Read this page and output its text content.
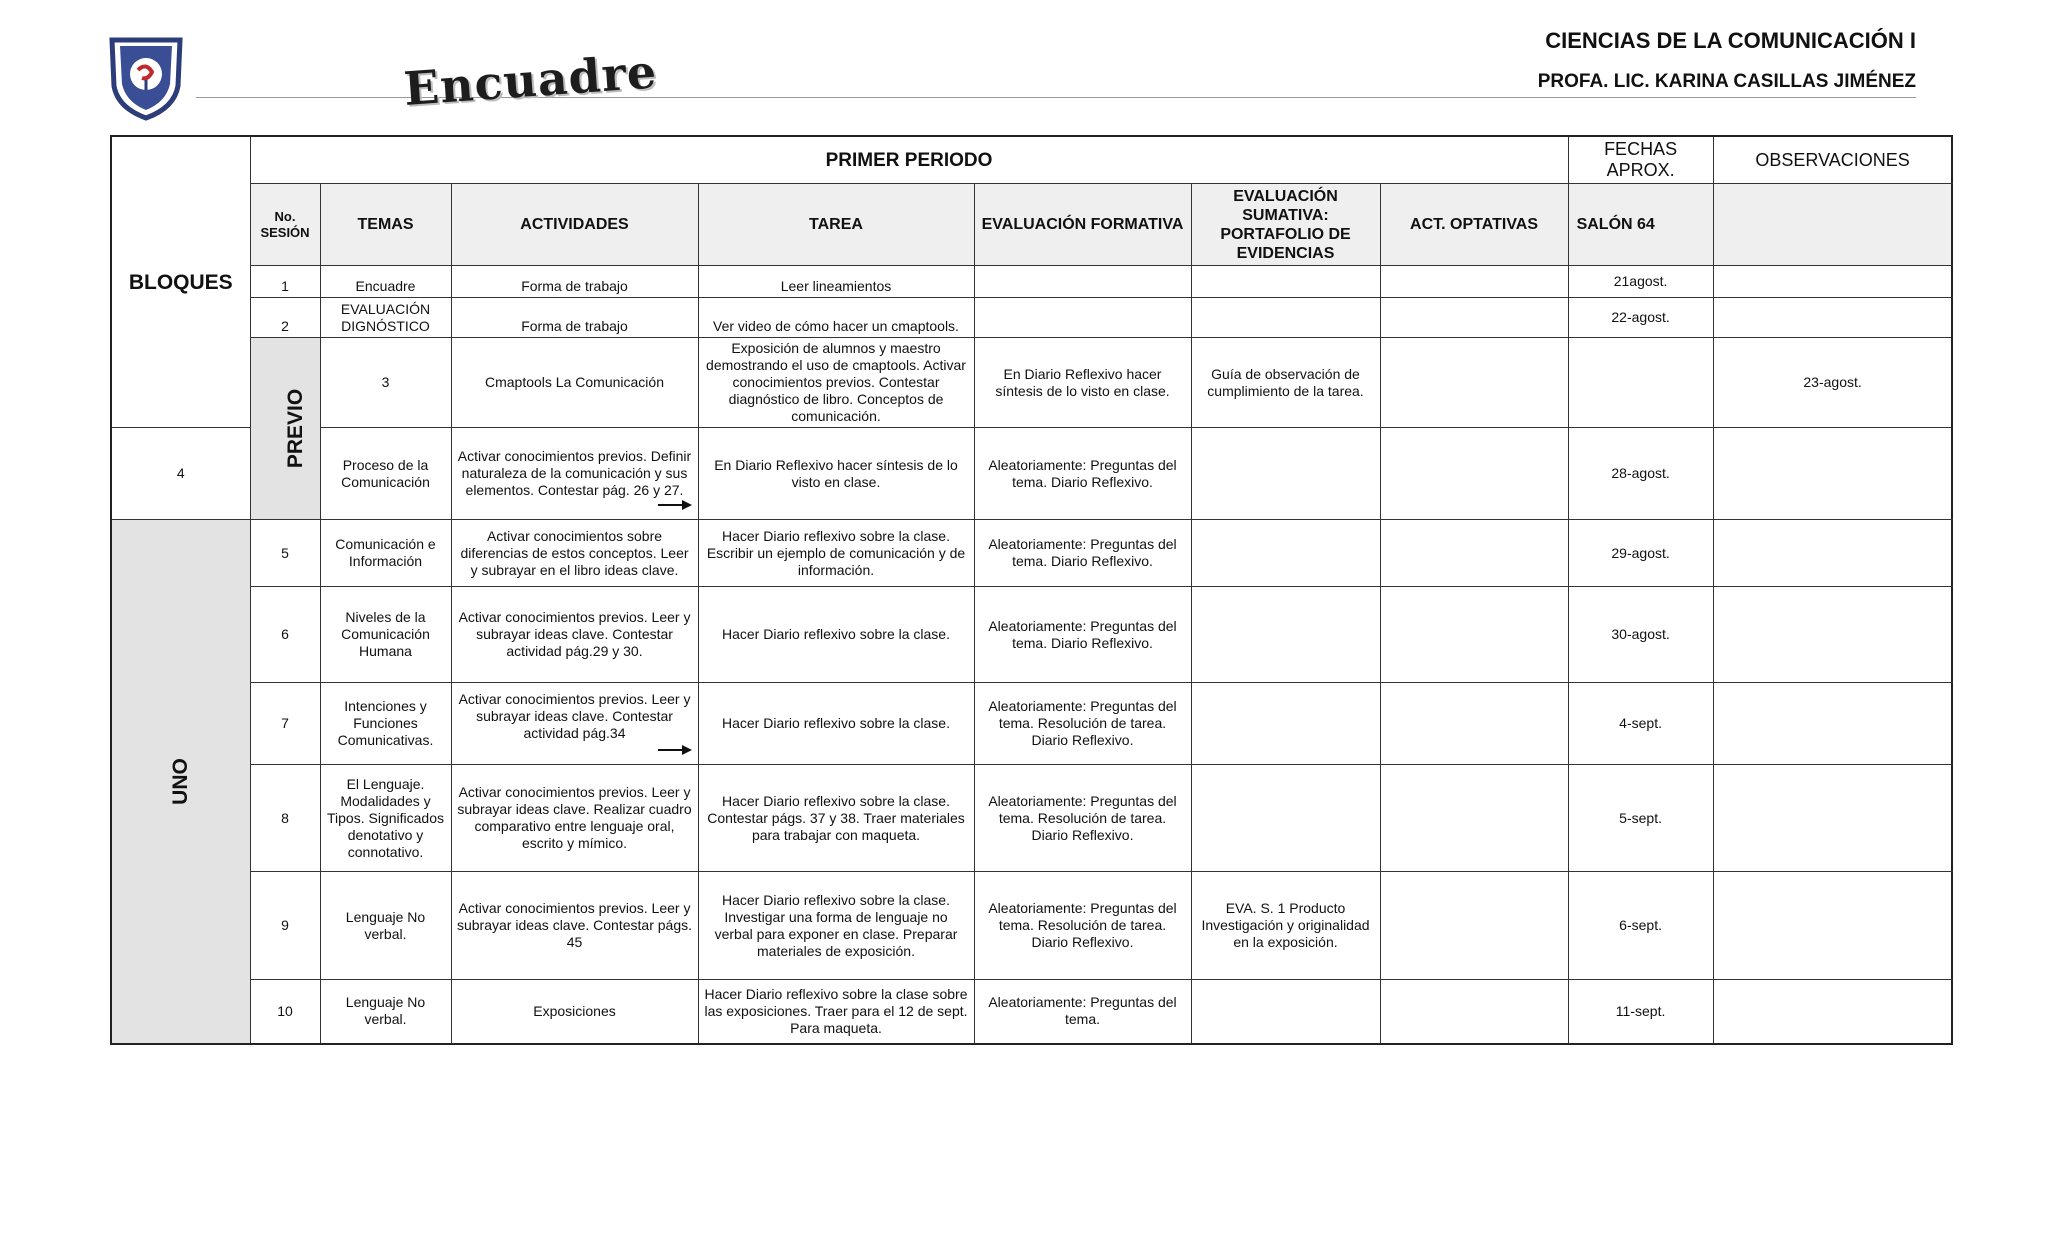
Encuadre
CIENCIAS DE LA COMUNICACIÓN I
PROFA. LIC. KARINA CASILLAS JIMÉNEZ
BLOQUES	PRIMER PERIODO							FECHAS APROX.	OBSERVACIONES	
	No. SESIÓN	TEMAS	ACTIVIDADES	TAREA	EVALUACIÓN FORMATIVA	EVALUACIÓN SUMATIVA: PORTAFOLIO DE EVIDENCIAS	ACT. OPTATIVAS	SALÓN 64		
	1	Encuadre	Forma de trabajo	Leer lineamientos				21agost.		
	2	EVALUACIÓN DIGNÓSTICO	Forma de trabajo	Ver video de cómo hacer un cmaptools.				22-agost.		
	PREVIO	3	Cmaptools La Comunicación	Exposición de alumnos y maestro demostrando el uso de cmaptools. Activar conocimientos previos. Contestar diagnóstico de libro. Conceptos de comunicación.	En Diario Reflexivo hacer síntesis de lo visto en clase.	Guía de observación de cumplimiento de la tarea.			23-agost.	
4		Proceso de la Comunicación	Activar conocimientos previos. Definir naturaleza de la comunicación y sus elementos. Contestar pág. 26 y 27.	En Diario Reflexivo hacer síntesis de lo visto en clase.	Aleatoriamente: Preguntas del tema. Diario Reflexivo.			28-agost.		
UNO	5	Comunicación e Información	Activar conocimientos sobre diferencias de estos conceptos. Leer y subrayar en el libro ideas clave.	Hacer Diario reflexivo sobre la clase. Escribir un ejemplo de comunicación y de información.	Aleatoriamente: Preguntas del tema. Diario Reflexivo.			29-agost.		
	6	Niveles de la Comunicación Humana	Activar conocimientos previos. Leer y subrayar ideas clave. Contestar actividad pág.29 y 30.	Hacer Diario reflexivo sobre la clase.	Aleatoriamente: Preguntas del tema. Diario Reflexivo.			30-agost.		
	7	Intenciones y Funciones Comunicativas.	Activar conocimientos previos. Leer y subrayar ideas clave. Contestar actividad pág.34	Hacer Diario reflexivo sobre la clase.	Aleatoriamente: Preguntas del tema. Resolución de tarea. Diario Reflexivo.			4-sept.		
	8	El Lenguaje. Modalidades y Tipos. Significados denotativo y connotativo.	Activar conocimientos previos. Leer y subrayar ideas clave. Realizar cuadro comparativo entre lenguaje oral, escrito y mímico.	Hacer Diario reflexivo sobre la clase. Contestar págs. 37 y 38. Traer materiales para trabajar con maqueta.	Aleatoriamente: Preguntas del tema. Resolución de tarea. Diario Reflexivo.			5-sept.		
	9	Lenguaje No verbal.	Activar conocimientos previos. Leer y subrayar ideas clave. Contestar págs. 45	Hacer Diario reflexivo sobre la clase. Investigar una forma de lenguaje no verbal para exponer en clase. Preparar materiales de exposición.	Aleatoriamente: Preguntas del tema. Resolución de tarea. Diario Reflexivo.	EVA. S. 1 Producto Investigación y originalidad en la exposición.		6-sept.		
	10	Lenguaje No verbal.	Exposiciones	Hacer Diario reflexivo sobre la clase sobre las exposiciones. Traer para el 12 de sept. Para maqueta.	Aleatoriamente: Preguntas del tema.			11-sept.		
